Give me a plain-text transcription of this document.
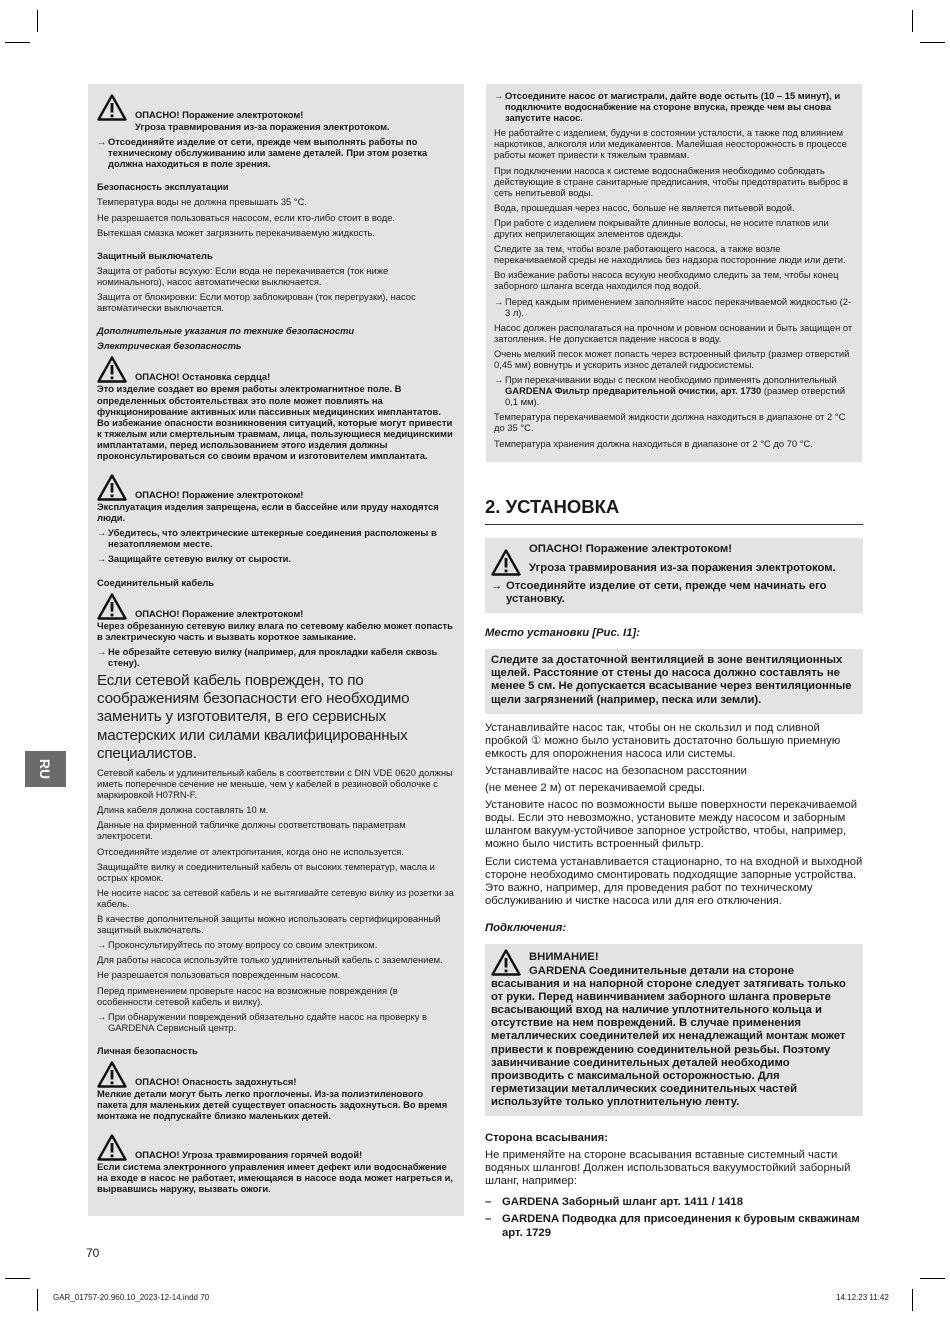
RU
ОПАСНО! Поражение электротоком!
Угроза травмирования из-за поражения электротоком.
→ Отсоединяйте изделие от сети, прежде чем выполнять работы по техническому обслуживанию или замене деталей. При этом розетка должна находиться в поле зрения.
Безопасность эксплуатации

Температура воды не должна превышать 35 °C.

Не разрешается пользоваться насосом, если кто-либо стоит в воде.

Вытекшая смазка может загрязнить перекачиваемую жидкость.

Защитный выключатель

Защита от работы всухую: Если вода не перекачивается (ток ниже номинального), насос автоматически выключается.

Защита от блокировки: Если мотор заблокирован (ток перегрузки), насос автоматически выключается.

Дополнительные указания по технике безопасности
Электрическая безопасность
ОПАСНО! Остановка сердца!

Это изделие создает во время работы электромагнитное поле. В определенных обстоятельствах это поле может повлиять на функционирование активных или пассивных медицинских имплантатов. Во избежание опасности возникновения ситуаций, которые могут привести к тяжелым или смертельным травмам, лица, пользующиеся медицинскими имплантатами, перед использованием этого изделия должны проконсультироваться со своим врачом и изготовителем имплантата.

ОПАСНО! Поражение электротоком!

Эксплуатация изделия запрещена, если в бассейне или пруду находятся люди.

→ Убедитесь, что электрические штекерные соединения расположены в незатопляемом месте.
→ Защищайте сетевую вилку от сырости.
Соединительный кабель
ОПАСНО! Поражение электротоком!

Через обрезанную сетевую вилку влага по сетевому кабелю может попасть в электрическую часть и вызвать короткое замыкание.

→ Не обрезайте сетевую вилку (например, для прокладки кабеля сквозь стену).

Если сетевой кабель поврежден, то по соображениям безопасности его необходимо заменить у изготовителя, в его сервисных мастерских или силами квалифицированных специалистов.

Сетевой кабель и удлинительный кабель в соответствии с DIN VDE 0620 должны иметь поперечное сечение не меньше, чем у кабелей в резиновой оболочке с маркировкой H07RN-F.

Длина кабеля должна составлять 10 м.

Данные на фирменной табличке должны соответствовать параметрам электросети.

Отсоединяйте изделие от электропитания, когда оно не используется.

Защищайте вилку и соединительный кабель от высоких температур, масла и острых кромок.

Не носите насос за сетевой кабель и не вытягивайте сетевую вилку из розетки за кабель.

В качестве дополнительной защиты можно использовать сертифицированный защитный выключатель.

→ Проконсультируйтесь по этому вопросу со своим электриком.

Для работы насоса используйте только удлинительный кабель с заземлением.

Не разрешается пользоваться поврежденным насосом.

Перед применением проверьте насос на возможные повреждения (в особенности сетевой кабель и вилку).

→ При обнаружении повреждений обязательно сдайте насос на проверку в GARDENA Сервисный центр.
Личная безопасность
ОПАСНО! Опасность задохнуться!

Мелкие детали могут быть легко проглочены. Из-за полиэтиленового пакета для маленьких детей существует опасность задохнуться. Во время монтажа не подпускайте близко маленьких детей.

ОПАСНО! Угроза травмирования горячей водой!

Если система электронного управления имеет дефект или водоснабжение на входе в насос не работает, имеющаяся в насосе вода может нагреться и, вырвавшись наружу, вызвать ожоги.

→ Отсоедините насос от магистрали, дайте воде остыть (10 – 15 минут), и подключите водоснабжение на стороне впуска, прежде чем вы снова запустите насос.

Не работайте с изделием, будучи в состоянии усталости, а также под влиянием наркотиков, алкоголя или медикаментов. Малейшая неосторожность в процессе работы может привести к тяжелым травмам.

При подключении насоса к системе водоснабжения необходимо соблюдать действующие в стране санитарные предписания, чтобы предотвратить выброс в сеть непитьевой воды.

Вода, прошедшая через насос, больше не является питьевой водой.

При работе с изделием покрывайте длинные волосы, не носите платков или других неприлегающих элементов одежды.

Следите за тем, чтобы возле работающего насоса, а также возле перекачиваемой среды не находились без надзора посторонние люди или дети.

Во избежание работы насоса всухую необходимо следить за тем, чтобы конец заборного шланга всегда находился под водой.

→ Перед каждым применением заполняйте насос перекачиваемой жидкостью (2-3 л).

Насос должен располагаться на прочном и ровном основании и быть защищен от затопления. Не допускается падение насоса в воду.

Очень мелкий песок может попасть через встроенный фильтр (размер отверстий 0,45 мм) вовнутрь и ускорить износ деталей гидросистемы.

→ При перекачивании воды с песком необходимо применять дополнительный GARDENA Фильтр предварительной очистки, арт. 1730 (размер отверстий 0,1 мм).

Температура перекачиваемой жидкости должна находиться в диапазоне от 2 °C до 35 °C.

Температура хранения должна находиться в диапазоне от 2 °C до 70 °C.

2. УСТАНОВКА
ОПАСНО! Поражение электротоком!
Угроза травмирования из-за поражения электротоком.
→ Отсоединяйте изделие от сети, прежде чем начинать его установку.
Место установки [Рис. I1]:
Следите за достаточной вентиляцией в зоне вентиляционных щелей. Расстояние от стены до насоса должно составлять не менее 5 см. Не допускается всасывание через вентиляционные щели загрязнений (например, песка или земли).

Устанавливайте насос так, чтобы он не скользил и под сливной пробкой ① можно было установить достаточно большую приемную емкость для опорожнения насоса или системы.

Устанавливайте насос на безопасном расстоянии

(не менее 2 м) от перекачиваемой среды.

Установите насос по возможности выше поверхности перекачиваемой воды. Если это невозможно, установите между насосом и заборным шлангом вакуум-устойчивое запорное устройство, чтобы, например, можно было чистить встроенный фильтр.

Если система устанавливается стационарно, то на входной и выходной стороне необходимо смонтировать подходящие запорные устройства. Это важно, например, для проведения работ по техническому обслуживанию и чистке насоса или для его отключения.

Подключения:
ВНИМАНИЕ!

GARDENA Соединительные детали на стороне всасывания и на напорной стороне следует затягивать только от руки. Перед навинчиванием заборного шланга проверьте всасывающий вход на наличие уплотнительного кольца и отсутствие на нем повреждений. В случае применения металлических соединителей их ненадлежащий монтаж может привести к повреждению соединительной резьбы. Поэтому завинчивание соединительных деталей необходимо производить с максимальной осторожностью. Для герметизации металлических соединительных частей используйте только уплотнительную ленту.

Сторона всасывания:

Не применяйте на стороне всасывания вставные системный части водяных шлангов! Должен использоваться вакуумостойкий заборный шланг, например:

– GARDENA Заборный шланг арт. 1411 / 1418
– GARDENA Подводка для присоединения к буровым скважинам арт. 1729
70
GAR_01757-20.960.10_2023-12-14.indd 70	14.12.23 11:42
